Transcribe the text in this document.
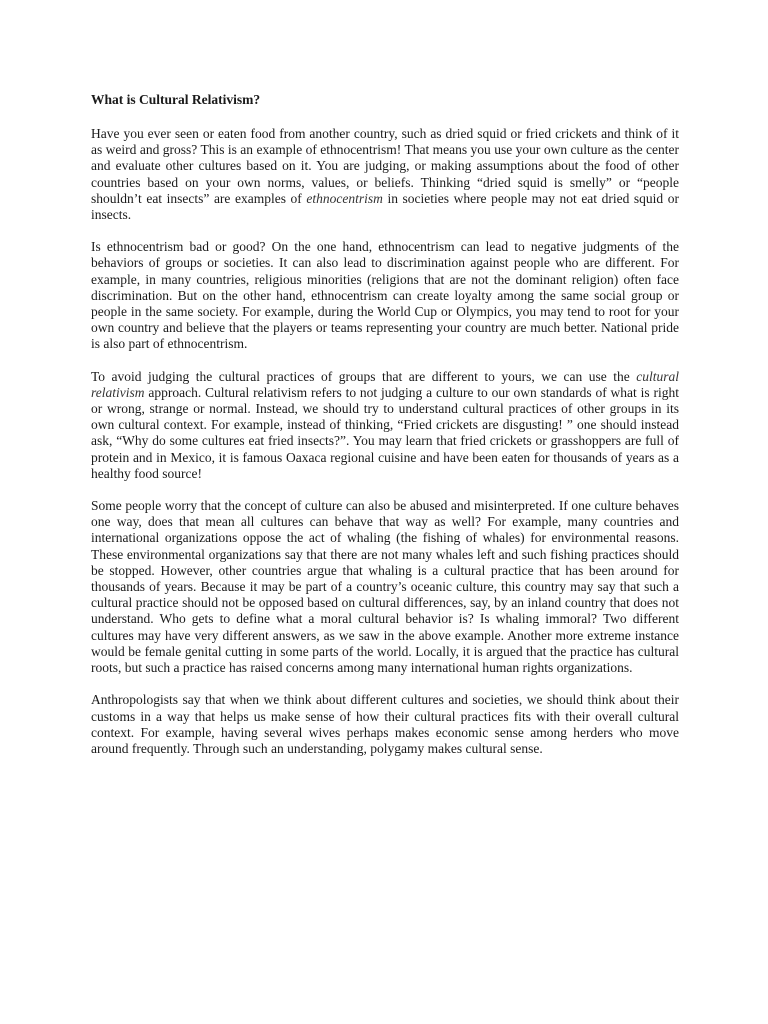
What is Cultural Relativism?

Have you ever seen or eaten food from another country, such as dried squid or fried crickets and think of it as weird and gross? This is an example of ethnocentrism! That means you use your own culture as the center and evaluate other cultures based on it. You are judging, or making assumptions about the food of other countries based on your own norms, values, or beliefs. Thinking “dried squid is smelly” or “people shouldn’t eat insects” are examples of ethnocentrism in societies where people may not eat dried squid or insects.

Is ethnocentrism bad or good? On the one hand, ethnocentrism can lead to negative judgments of the behaviors of groups or societies. It can also lead to discrimination against people who are different. For example, in many countries, religious minorities (religions that are not the dominant religion) often face discrimination. But on the other hand, ethnocentrism can create loyalty among the same social group or people in the same society. For example, during the World Cup or Olympics, you may tend to root for your own country and believe that the players or teams representing your country are much better. National pride is also part of ethnocentrism.

To avoid judging the cultural practices of groups that are different to yours, we can use the cultural relativism approach. Cultural relativism refers to not judging a culture to our own standards of what is right or wrong, strange or normal. Instead, we should try to understand cultural practices of other groups in its own cultural context. For example, instead of thinking, “Fried crickets are disgusting! ” one should instead ask, “Why do some cultures eat fried insects?”. You may learn that fried crickets or grasshoppers are full of protein and in Mexico, it is famous Oaxaca regional cuisine and have been eaten for thousands of years as a healthy food source!

Some people worry that the concept of culture can also be abused and misinterpreted. If one culture behaves one way, does that mean all cultures can behave that way as well? For example, many countries and international organizations oppose the act of whaling (the fishing of whales) for environmental reasons. These environmental organizations say that there are not many whales left and such fishing practices should be stopped. However, other countries argue that whaling is a cultural practice that has been around for thousands of years. Because it may be part of a country’s oceanic culture, this country may say that such a cultural practice should not be opposed based on cultural differences, say, by an inland country that does not understand. Who gets to define what a moral cultural behavior is? Is whaling immoral? Two different cultures may have very different answers, as we saw in the above example. Another more extreme instance would be female genital cutting in some parts of the world. Locally, it is argued that the practice has cultural roots, but such a practice has raised concerns among many international human rights organizations.

Anthropologists say that when we think about different cultures and societies, we should think about their customs in a way that helps us make sense of how their cultural practices fits with their overall cultural context. For example, having several wives perhaps makes economic sense among herders who move around frequently. Through such an understanding, polygamy makes cultural sense.
